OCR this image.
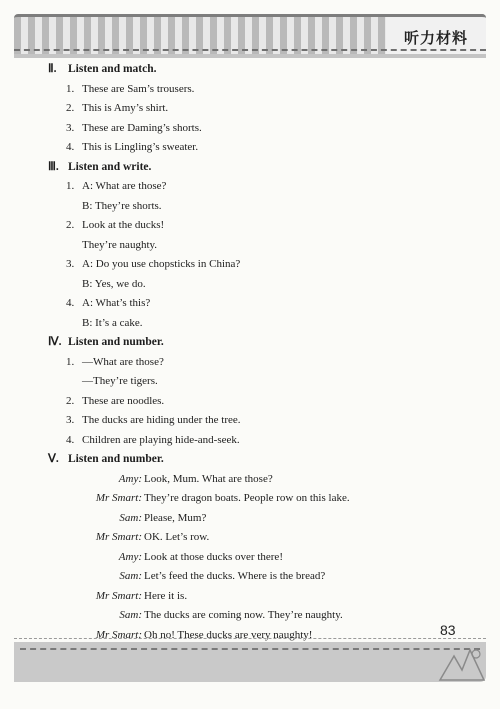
听力材料
Ⅱ. Listen and match.
1. These are Sam’s trousers.
2. This is Amy’s shirt.
3. These are Daming’s shorts.
4. This is Lingling’s sweater.
Ⅲ. Listen and write.
1. A: What are those?
B: They’re shorts.
2. Look at the ducks!
They’re naughty.
3. A: Do you use chopsticks in China?
B: Yes, we do.
4. A: What’s this?
B: It’s a cake.
Ⅳ. Listen and number.
1. —What are those?
—They’re tigers.
2. These are noodles.
3. The ducks are hiding under the tree.
4. Children are playing hide-and-seek.
Ⅴ. Listen and number.
Amy: Look, Mum. What are those?
Mr Smart: They’re dragon boats. People row on this lake.
Sam: Please, Mum?
Mr Smart: OK. Let’s row.
Amy: Look at those ducks over there!
Sam: Let’s feed the ducks. Where is the bread?
Mr Smart: Here it is.
Sam: The ducks are coming now. They’re naughty.
Mr Smart: Oh no! These ducks are very naughty!	83
